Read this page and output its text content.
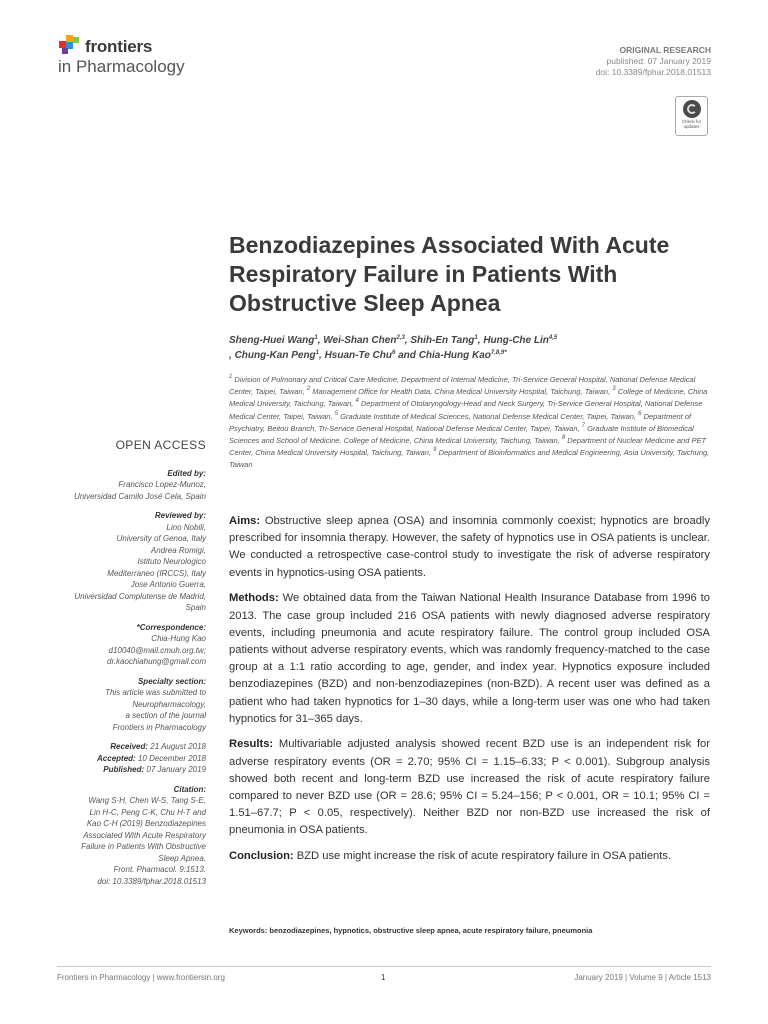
frontiers
in Pharmacology
ORIGINAL RESEARCH
published: 07 January 2019
doi: 10.3389/fphar.2018.01513
Check for
updates
Benzodiazepines Associated With Acute Respiratory Failure in Patients With Obstructive Sleep Apnea
Sheng-Huei Wang$^1$, Wei-Shan Chen$^{2,3}$, Shih-En Tang$^1$, Hung-Che Lin$^{4,5}$
, Chung-Kan Peng$^1$, Hsuan-Te Chu$^6$ and Chia-Hung Kao$^{7,8,9*}$
$^1$ Division of Pulmonary and Critical Care Medicine, Department of Internal Medicine, Tri-Service General Hospital, National Defense Medical Center, Taipei, Taiwan, $^2$ Management Office for Health Data, China Medical University Hospital, Taichung, Taiwan, $^3$ College of Medicine, China Medical University, Taichung, Taiwan, $^4$ Department of Otolaryngology-Head and Neck Surgery, Tri-Service General Hospital, National Defense Medical Center, Taipei, Taiwan, $^5$ Graduate Institute of Medical Sciences, National Defense Medical Center, Taipei, Taiwan, $^6$ Department of Psychiatry, Beitou Branch, Tri-Service General Hospital, National Defense Medical Center, Taipei, Taiwan, $^7$ Graduate Institute of Biomedical Sciences and School of Medicine, College of Medicine, China Medical University, Taichung, Taiwan, $^8$ Department of Nuclear Medicine and PET Center, China Medical University Hospital, Taichung, Taiwan, $^9$ Department of Bioinformatics and Medical Engineering, Asia University, Taichung, Taiwan
OPEN ACCESS
Edited by:
Francisco Lopez-Munoz,
Universidad Camilo José Cela, Spain
Reviewed by:
Lino Nobili,
University of Genoa, Italy
Andrea Romigi,
Istituto Neurologico
Mediterraneo (IRCCS), Italy
Jose Antonio Guerra,
Universidad Complutense de Madrid,
Spain
*Correspondence:
Chia-Hung Kao
d10040@mail.cmuh.org.tw;
dr.kaochiahung@gmail.com
Specialty section:
This article was submitted to
Neuropharmacology,
a section of the journal
Frontiers in Pharmacology
Received: 21 August 2018
Accepted: 10 December 2018
Published: 07 January 2019
Citation:
Wang S-H, Chen W-S, Tang S-E,
Lin H-C, Peng C-K, Chu H-T and
Kao C-H (2019) Benzodiazepines
Associated With Acute Respiratory
Failure in Patients With Obstructive
Sleep Apnea.
Front. Pharmacol. 9:1513.
doi: 10.3389/fphar.2018.01513

Aims: Obstructive sleep apnea (OSA) and insomnia commonly coexist; hypnotics are broadly prescribed for insomnia therapy. However, the safety of hypnotics use in OSA patients is unclear. We conducted a retrospective case-control study to investigate the risk of adverse respiratory events in hypnotics-using OSA patients.

Methods: We obtained data from the Taiwan National Health Insurance Database from 1996 to 2013. The case group included 216 OSA patients with newly diagnosed adverse respiratory events, including pneumonia and acute respiratory failure. The control group included OSA patients without adverse respiratory events, which was randomly frequency-matched to the case group at a 1:1 ratio according to age, gender, and index year. Hypnotics exposure included benzodiazepines (BZD) and non-benzodiazepines (non-BZD). A recent user was defined as a patient who had taken hypnotics for 1–30 days, while a long-term user was one who had taken hypnotics for 31–365 days.

Results: Multivariable adjusted analysis showed recent BZD use is an independent risk for adverse respiratory events (OR = 2.70; 95% CI = 1.15–6.33; P < 0.001). Subgroup analysis showed both recent and long-term BZD use increased the risk of acute respiratory failure compared to never BZD use (OR = 28.6; 95% CI = 5.24–156; P < 0.001, OR = 10.1; 95% CI = 1.51–67.7; P < 0.05, respectively). Neither BZD nor non-BZD use increased the risk of pneumonia in OSA patients.

Conclusion: BZD use might increase the risk of acute respiratory failure in OSA patients.

Keywords: benzodiazepines, hypnotics, obstructive sleep apnea, acute respiratory failure, pneumonia
Frontiers in Pharmacology | www.frontiersin.org	1	January 2019 | Volume 9 | Article 1513
